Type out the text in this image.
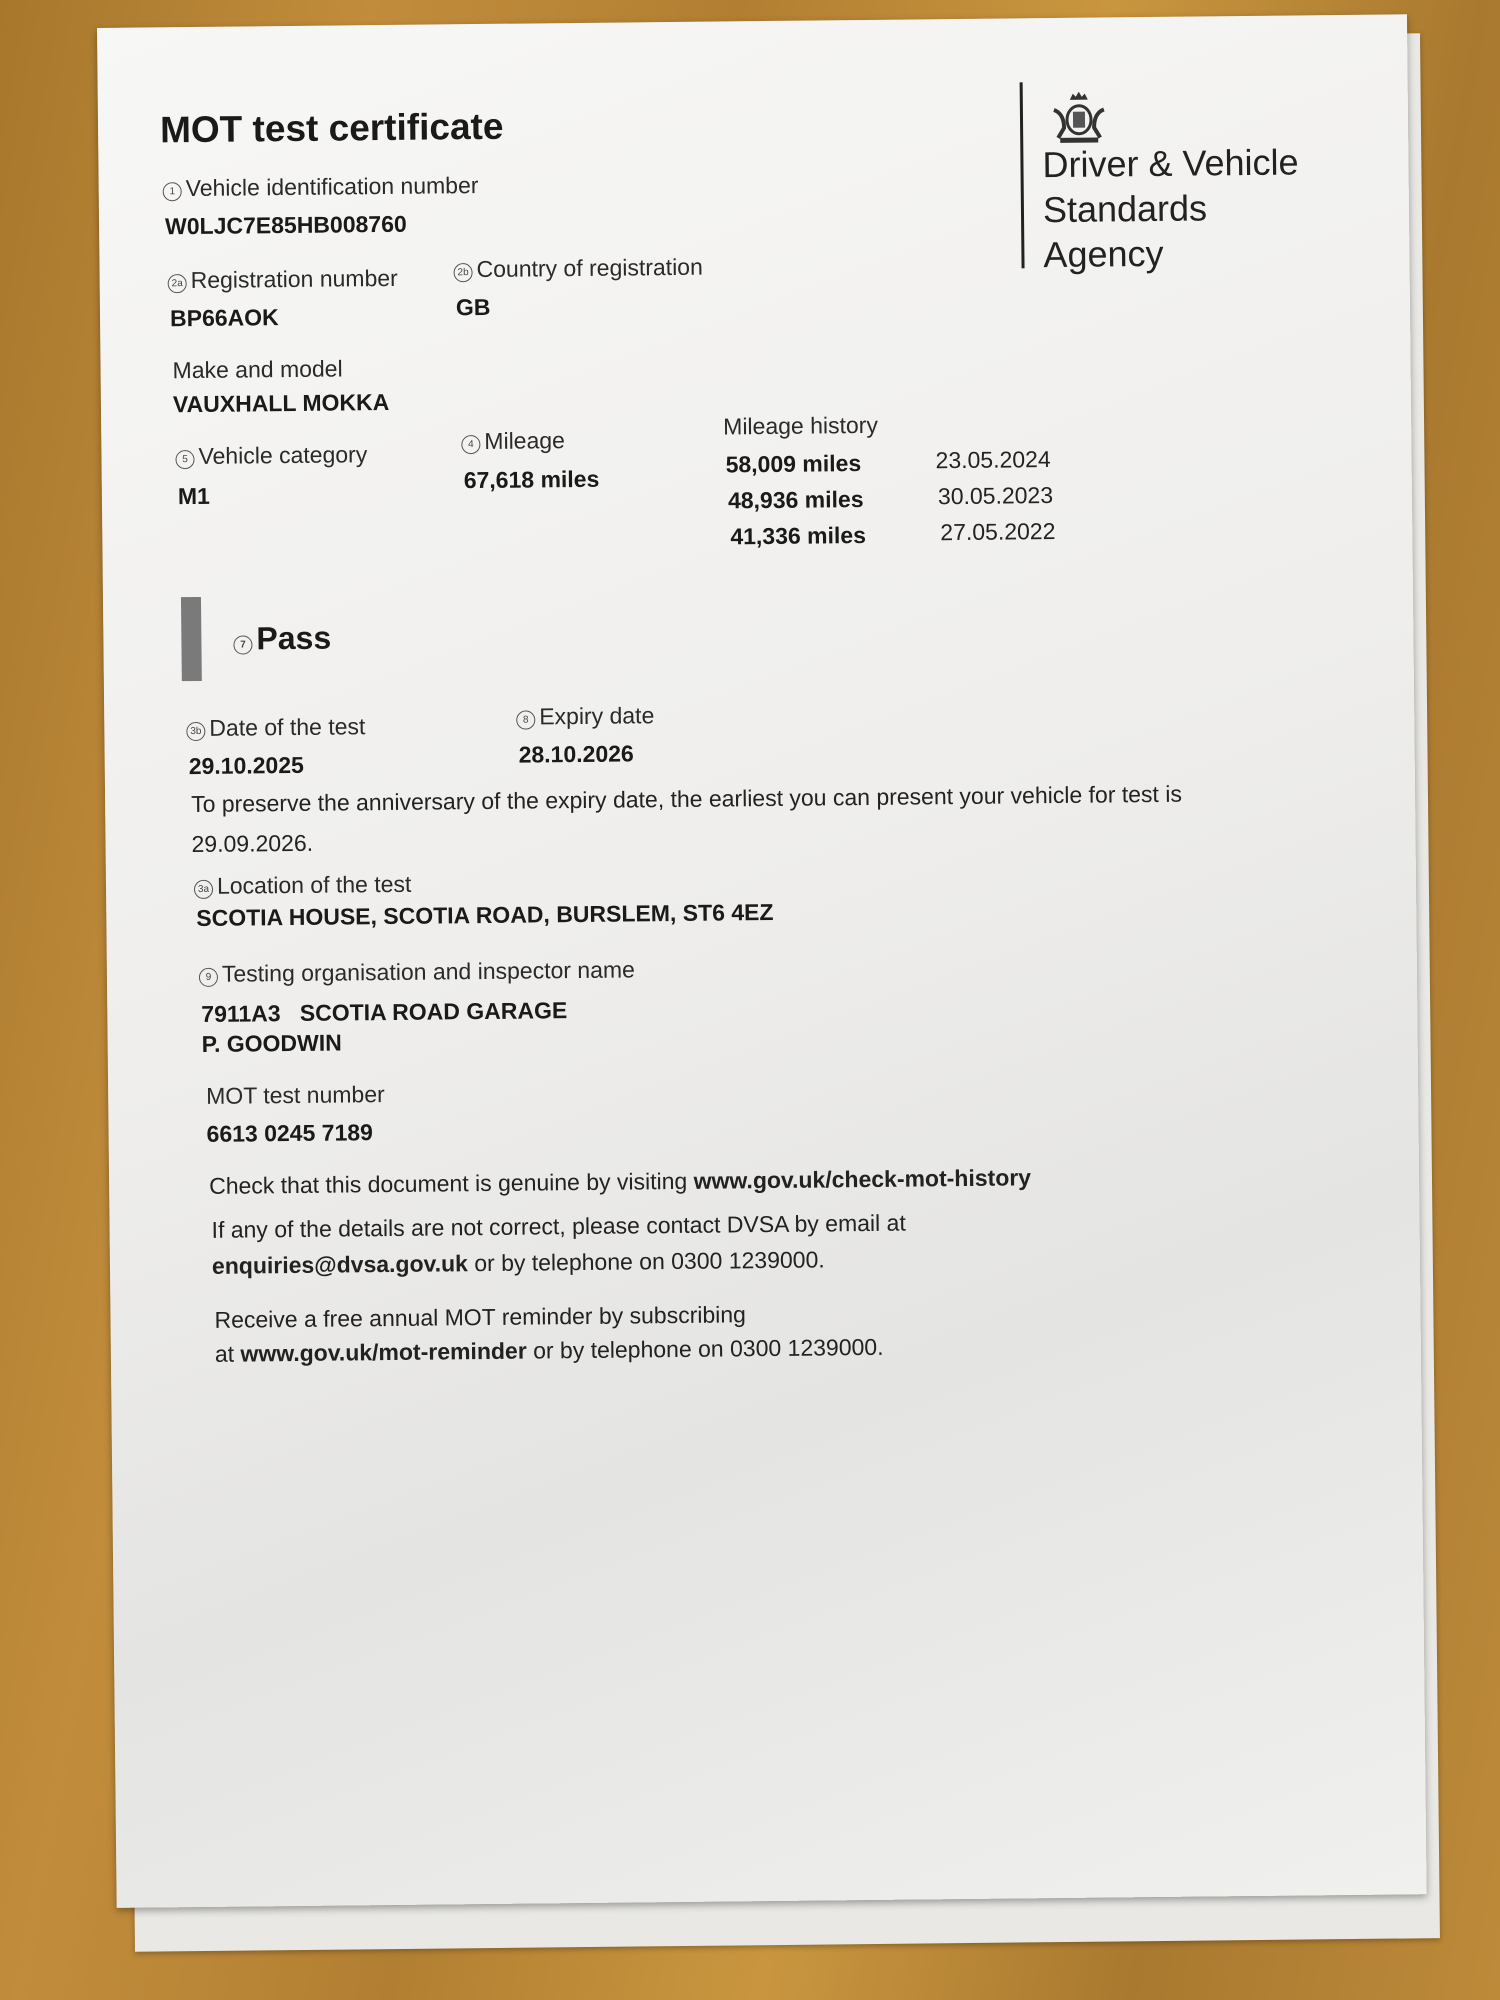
MOT test certificate
Driver & Vehicle
Standards
Agency
1 Vehicle identification number
W0LJC7E85HB008760
2a Registration number
BP66AOK
2b Country of registration
GB
Make and model
VAUXHALL MOKKA
5 Vehicle category
M1
4 Mileage
67,618 miles
Mileage history
58,009 miles	23.05.2024
48,936 miles	30.05.2023
41,336 miles	27.05.2022
7 Pass
3b Date of the test
29.10.2025
8 Expiry date
28.10.2026
To preserve the anniversary of the expiry date, the earliest you can present your vehicle for test is
29.09.2026.
3a Location of the test
SCOTIA HOUSE, SCOTIA ROAD, BURSLEM, ST6 4EZ
9 Testing organisation and inspector name
7911A3   SCOTIA ROAD GARAGE
P. GOODWIN
MOT test number
6613 0245 7189
Check that this document is genuine by visiting www.gov.uk/check-mot-history
If any of the details are not correct, please contact DVSA by email at
enquiries@dvsa.gov.uk or by telephone on 0300 1239000.
Receive a free annual MOT reminder by subscribing
at www.gov.uk/mot-reminder or by telephone on 0300 1239000.
